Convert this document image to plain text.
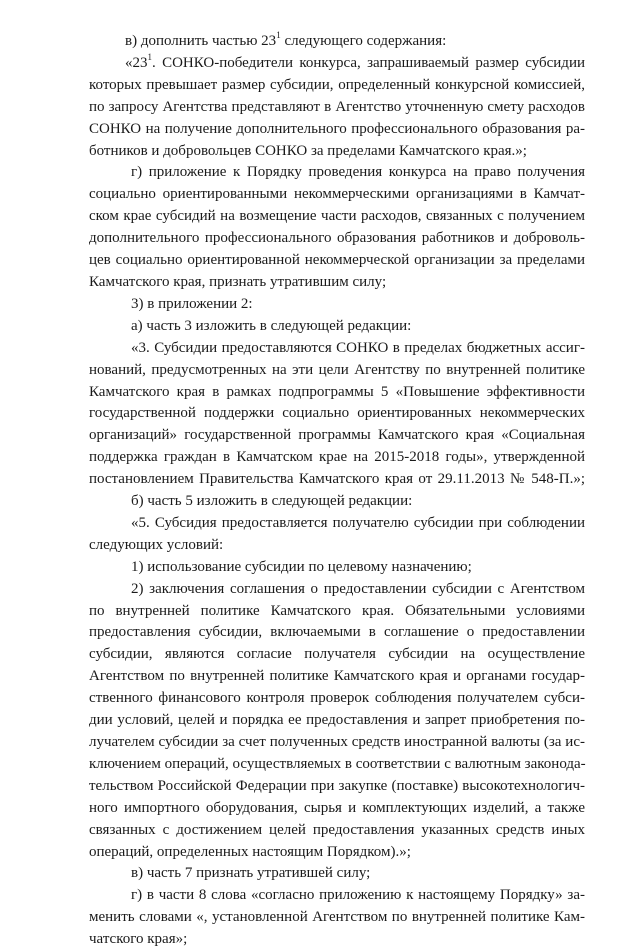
в) дополнить частью $23^1$ следующего содержания:
«$23^1$. СОНКО-победители конкурса, запрашиваемый размер субсидии
которых превышает размер субсидии, определенный конкурсной комиссией,
по запросу Агентства представляют в Агентство уточненную смету расходов
СОНКО на получение дополнительного профессионального образования ра-
ботников и добровольцев СОНКО за пределами Камчатского края.»;
г) приложение к Порядку проведения конкурса на право получения
социально ориентированными некоммерческими организациями в Камчат-
ском крае субсидий на возмещение части расходов, связанных с получением
дополнительного профессионального образования работников и доброволь-
цев социально ориентированной некоммерческой организации за пределами
Камчатского края, признать утратившим силу;
3) в приложении 2:
а) часть 3 изложить в следующей редакции:
«3. Субсидии предоставляются СОНКО в пределах бюджетных ассиг-
нований, предусмотренных на эти цели Агентству по внутренней политике
Камчатского края в рамках подпрограммы 5 «Повышение эффективности
государственной поддержки социально ориентированных некоммерческих
организаций» государственной программы Камчатского края «Социальная
поддержка граждан в Камчатском крае на 2015-2018 годы», утвержденной
постановлением Правительства Камчатского края от 29.11.2013 № 548-П.»;
б) часть 5 изложить в следующей редакции:
«5. Субсидия предоставляется получателю субсидии при соблюдении
следующих условий:
1) использование субсидии по целевому назначению;
2) заключения соглашения о предоставлении субсидии с Агентством
по внутренней политике Камчатского края. Обязательными условиями
предоставления субсидии, включаемыми в соглашение о предоставлении
субсидии, являются согласие получателя субсидии на осуществление
Агентством по внутренней политике Камчатского края и органами государ-
ственного финансового контроля проверок соблюдения получателем субси-
дии условий, целей и порядка ее предоставления и запрет приобретения по-
лучателем субсидии за счет полученных средств иностранной валюты (за ис-
ключением операций, осуществляемых в соответствии с валютным законода-
тельством Российской Федерации при закупке (поставке) высокотехнологич-
ного импортного оборудования, сырья и комплектующих изделий, а также
связанных с достижением целей предоставления указанных средств иных
операций, определенных настоящим Порядком).»;
в) часть 7 признать утратившей силу;
г) в части 8 слова «согласно приложению к настоящему Порядку» за-
менить словами «, установленной Агентством по внутренней политике Кам-
чатского края»;
